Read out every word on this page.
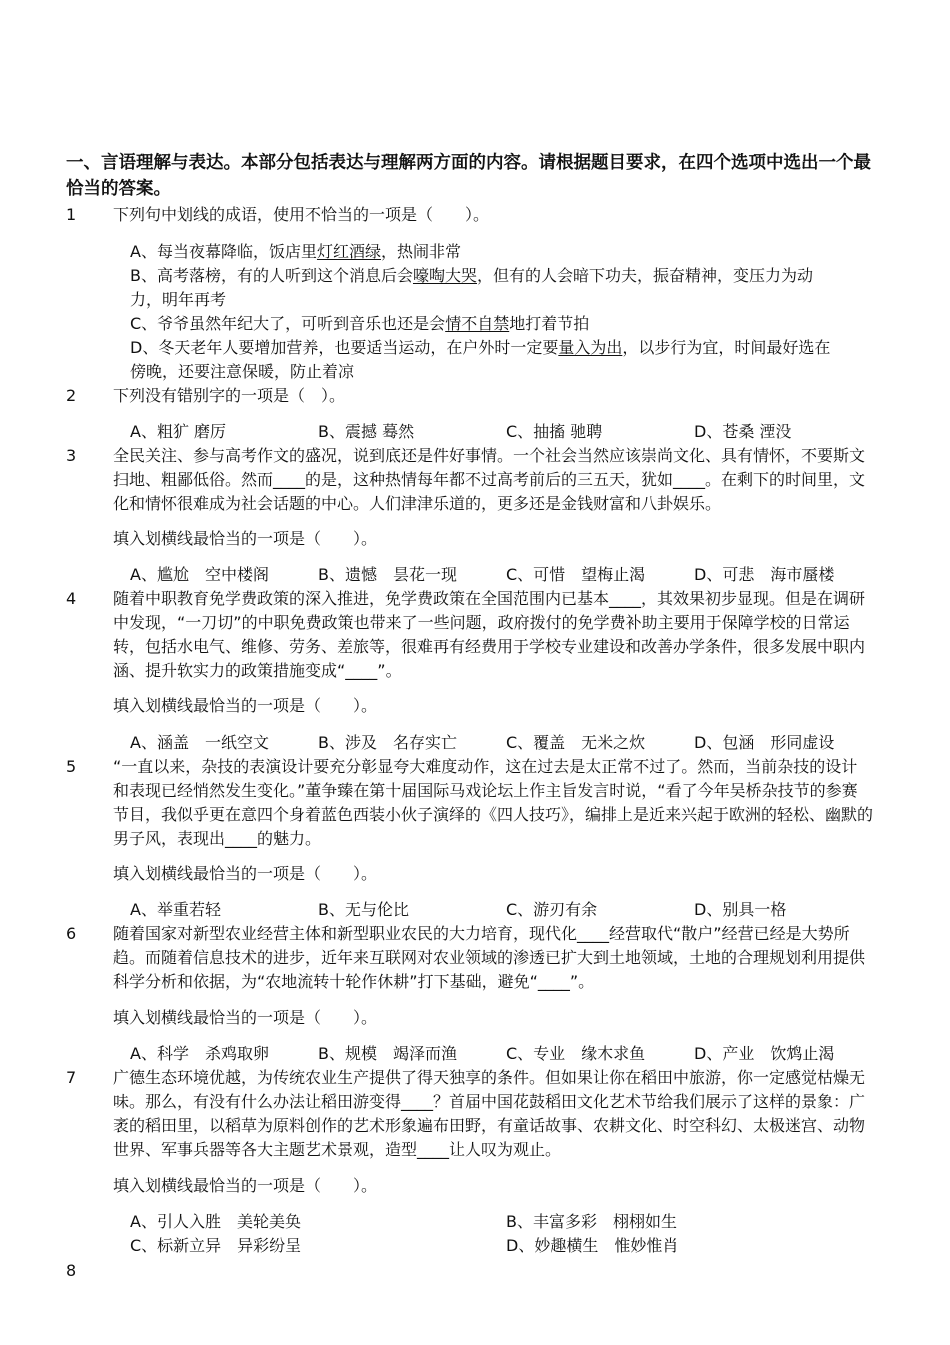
一、言语理解与表达。本部分包括表达与理解两方面的内容。请根据题目要求，在四个选项中选出一个最恰当的答案。
1 下列句中划线的成语，使用不恰当的一项是（　　）。
A、每当夜幕降临，饭店里灯红酒绿，热闹非常
B、高考落榜，有的人听到这个消息后会嚎啕大哭，但有的人会暗下功夫，振奋精神，变压力为动力，明年再考
C、爷爷虽然年纪大了，可听到音乐也还是会情不自禁地打着节拍
D、冬天老年人要增加营养，也要适当运动，在户外时一定要量入为出，以步行为宜，时间最好选在傍晚，还要注意保暖，防止着凉
2 下列没有错别字的一项是（　）。
A、粗犷 磨厉	B、震撼 蓦然	C、抽搐 驰聘	D、苍桑 湮没
3 全民关注、参与高考作文的盛况，说到底还是件好事情。一个社会当然应该崇尚文化、具有情怀，不要斯文扫地、粗鄙低俗。然而____的是，这种热情每年都不过高考前后的三五天，犹如____。在剩下的时间里，文化和情怀很难成为社会话题的中心。人们津津乐道的，更多还是金钱财富和八卦娱乐。
填入划横线最恰当的一项是（　　）。
A、尴尬　空中楼阁	B、遗憾　昙花一现	C、可惜　望梅止渴	D、可悲　海市蜃楼
4 随着中职教育免学费政策的深入推进，免学费政策在全国范围内已基本____，其效果初步显现。但是在调研中发现，“一刀切”的中职免费政策也带来了一些问题，政府拨付的免学费补助主要用于保障学校的日常运转，包括水电气、维修、劳务、差旅等，很难再有经费用于学校专业建设和改善办学条件，很多发展中职内涵、提升软实力的政策措施变成“____”。
填入划横线最恰当的一项是（　　）。
A、涵盖　一纸空文	B、涉及　名存实亡	C、覆盖　无米之炊	D、包涵　形同虚设
5 “一直以来，杂技的表演设计要充分彰显夸大难度动作，这在过去是太正常不过了。然而，当前杂技的设计和表现已经悄然发生变化。”董争臻在第十届国际马戏论坛上作主旨发言时说，“看了今年吴桥杂技节的参赛节目，我似乎更在意四个身着蓝色西装小伙子演绎的《四人技巧》，编排上是近来兴起于欧洲的轻松、幽默的男子风，表现出____的魅力。
填入划横线最恰当的一项是（　　）。
A、举重若轻	B、无与伦比	C、游刃有余	D、别具一格
6 随着国家对新型农业经营主体和新型职业农民的大力培育，现代化____经营取代“散户”经营已经是大势所趋。而随着信息技术的进步，近年来互联网对农业领域的渗透已扩大到土地领域，土地的合理规划利用提供科学分析和依据，为“农地流转十轮作休耕”打下基础，避免“____”。
填入划横线最恰当的一项是（　　）。
A、科学　杀鸡取卵	B、规模　竭泽而渔	C、专业　缘木求鱼	D、产业　饮鸩止渴
7 广德生态环境优越，为传统农业生产提供了得天独享的条件。但如果让你在稻田中旅游，你一定感觉枯燥无味。那么，有没有什么办法让稻田游变得____？首届中国花鼓稻田文化艺术节给我们展示了这样的景象：广袤的稻田里，以稻草为原料创作的艺术形象遍布田野，有童话故事、农耕文化、时空科幻、太极迷宫、动物世界、军事兵器等各大主题艺术景观，造型____让人叹为观止。
填入划横线最恰当的一项是（　　）。
A、引人入胜　美轮美奂	B、丰富多彩　栩栩如生
C、标新立异　异彩纷呈	D、妙趣横生　惟妙惟肖
8
